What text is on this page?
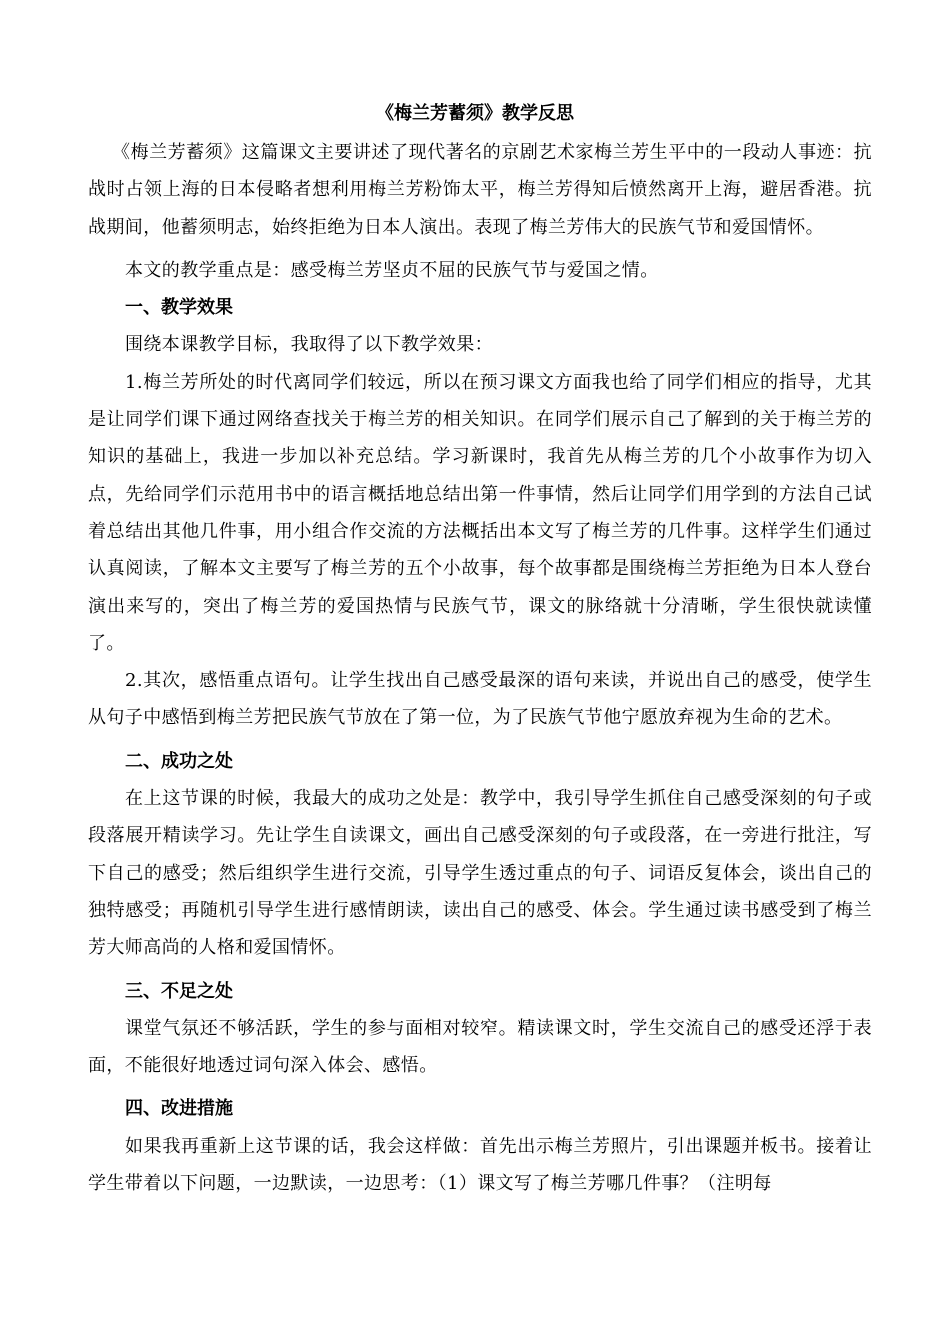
《梅兰芳蓄须》教学反思

《梅兰芳蓄须》这篇课文主要讲述了现代著名的京剧艺术家梅兰芳生平中的一段动人事迹：抗战时占领上海的日本侵略者想利用梅兰芳粉饰太平，梅兰芳得知后愤然离开上海，避居香港。抗战期间，他蓄须明志，始终拒绝为日本人演出。表现了梅兰芳伟大的民族气节和爱国情怀。

本文的教学重点是：感受梅兰芳坚贞不屈的民族气节与爱国之情。

一、教学效果

围绕本课教学目标，我取得了以下教学效果：

1.梅兰芳所处的时代离同学们较远，所以在预习课文方面我也给了同学们相应的指导，尤其是让同学们课下通过网络查找关于梅兰芳的相关知识。在同学们展示自己了解到的关于梅兰芳的知识的基础上，我进一步加以补充总结。学习新课时，我首先从梅兰芳的几个小故事作为切入点，先给同学们示范用书中的语言概括地总结出第一件事情，然后让同学们用学到的方法自己试着总结出其他几件事，用小组合作交流的方法概括出本文写了梅兰芳的几件事。这样学生们通过认真阅读，了解本文主要写了梅兰芳的五个小故事，每个故事都是围绕梅兰芳拒绝为日本人登台演出来写的，突出了梅兰芳的爱国热情与民族气节，课文的脉络就十分清晰，学生很快就读懂了。

2.其次，感悟重点语句。让学生找出自己感受最深的语句来读，并说出自己的感受，使学生从句子中感悟到梅兰芳把民族气节放在了第一位，为了民族气节他宁愿放弃视为生命的艺术。

二、成功之处

在上这节课的时候，我最大的成功之处是：教学中，我引导学生抓住自己感受深刻的句子或段落展开精读学习。先让学生自读课文，画出自己感受深刻的句子或段落，在一旁进行批注，写下自己的感受；然后组织学生进行交流，引导学生透过重点的句子、词语反复体会，谈出自己的独特感受；再随机引导学生进行感情朗读，读出自己的感受、体会。学生通过读书感受到了梅兰芳大师高尚的人格和爱国情怀。

三、不足之处

课堂气氛还不够活跃，学生的参与面相对较窄。精读课文时，学生交流自己的感受还浮于表面，不能很好地透过词句深入体会、感悟。

四、改进措施

如果我再重新上这节课的话，我会这样做：首先出示梅兰芳照片，引出课题并板书。接着让学生带着以下问题，一边默读，一边思考：（1）课文写了梅兰芳哪几件事？（注明每
